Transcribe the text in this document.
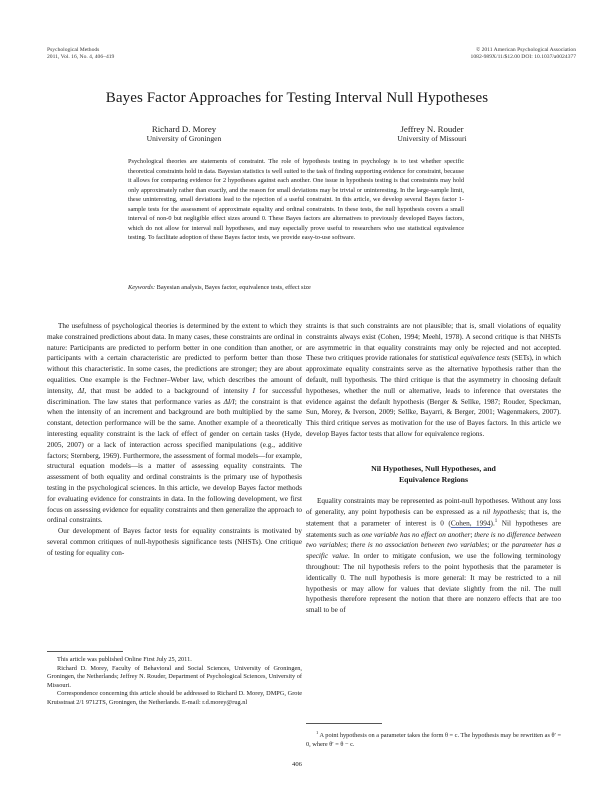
Psychological Methods
2011, Vol. 16, No. 4, 406–419
© 2011 American Psychological Association
1082-989X/11/$12.00 DOI: 10.1037/a0024377
Bayes Factor Approaches for Testing Interval Null Hypotheses
Richard D. Morey
University of Groningen
Jeffrey N. Rouder
University of Missouri
Psychological theories are statements of constraint. The role of hypothesis testing in psychology is to test whether specific theoretical constraints hold in data. Bayesian statistics is well suited to the task of finding supporting evidence for constraint, because it allows for comparing evidence for 2 hypotheses against each another. One issue in hypothesis testing is that constraints may hold only approximately rather than exactly, and the reason for small deviations may be trivial or uninteresting. In the large-sample limit, these uninteresting, small deviations lead to the rejection of a useful constraint. In this article, we develop several Bayes factor 1-sample tests for the assessment of approximate equality and ordinal constraints. In these tests, the null hypothesis covers a small interval of non-0 but negligible effect sizes around 0. These Bayes factors are alternatives to previously developed Bayes factors, which do not allow for interval null hypotheses, and may especially prove useful to researchers who use statistical equivalence testing. To facilitate adoption of these Bayes factor tests, we provide easy-to-use software.
Keywords: Bayesian analysis, Bayes factor, equivalence tests, effect size

The usefulness of psychological theories is determined by the extent to which they make constrained predictions about data. In many cases, these constraints are ordinal in nature: Participants are predicted to perform better in one condition than another, or participants with a certain characteristic are predicted to perform better than those without this characteristic. In some cases, the predictions are stronger; they are about equalities. One example is the Fechner–Weber law, which describes the amount of intensity, ΔI, that must be added to a background of intensity I for successful discrimination. The law states that performance varies as ΔI/I; the constraint is that when the intensity of an increment and background are both multiplied by the same constant, detection performance will be the same. Another example of a theoretically interesting equality constraint is the lack of effect of gender on certain tasks (Hyde, 2005, 2007) or a lack of interaction across specified manipulations (e.g., additive factors; Sternberg, 1969). Furthermore, the assessment of formal models—for example, structural equation models—is a matter of assessing equality constraints. The assessment of both equality and ordinal constraints is the primary use of hypothesis testing in the psychological sciences. In this article, we develop Bayes factor methods for evaluating evidence for constraints in data. In the following development, we first focus on assessing evidence for equality constraints and then generalize the approach to ordinal constraints.

Our development of Bayes factor tests for equality constraints is motivated by several common critiques of null-hypothesis significance tests (NHSTs). One critique of testing for equality con-

straints is that such constraints are not plausible; that is, small violations of equality constraints always exist (Cohen, 1994; Meehl, 1978). A second critique is that NHSTs are asymmetric in that equality constraints may only be rejected and not accepted. These two critiques provide rationales for statistical equivalence tests (SETs), in which approximate equality constraints serve as the alternative hypothesis rather than the default, null hypothesis. The third critique is that the asymmetry in choosing default hypotheses, whether the null or alternative, leads to inference that overstates the evidence against the default hypothesis (Berger & Sellke, 1987; Rouder, Speckman, Sun, Morey, & Iverson, 2009; Sellke, Bayarri, & Berger, 2001; Wagenmakers, 2007). This third critique serves as motivation for the use of Bayes factors. In this article we develop Bayes factor tests that allow for equivalence regions.

Nil Hypotheses, Null Hypotheses, and
Equivalence Regions

Equality constraints may be represented as point-null hypotheses. Without any loss of generality, any point hypothesis can be expressed as a nil hypothesis; that is, the statement that a parameter of interest is 0 (Cohen, 1994).$^1$ Nil hypotheses are statements such as one variable has no effect on another; there is no difference between two variables; there is no association between two variables; or the parameter has a specific value. In order to mitigate confusion, we use the following terminology throughout: The nil hypothesis refers to the point hypothesis that the parameter is identically 0. The null hypothesis is more general: It may be restricted to a nil hypothesis or may allow for values that deviate slightly from the nil. The null hypothesis therefore represent the notion that there are nonzero effects that are too small to be of

This article was published Online First July 25, 2011.

Richard D. Morey, Faculty of Behavioral and Social Sciences, University of Groningen, Groningen, the Netherlands; Jeffrey N. Rouder, Department of Psychological Sciences, University of Missouri.

Correspondence concerning this article should be addressed to Richard D. Morey, DMPG, Grote Kruisstraat 2/1 9712TS, Groningen, the Netherlands. E-mail: r.d.morey@rug.nl

$^1$ A point hypothesis on a parameter takes the form θ = c. The hypothesis may be rewritten as θ′ = 0, where θ′ = θ − c.

406
